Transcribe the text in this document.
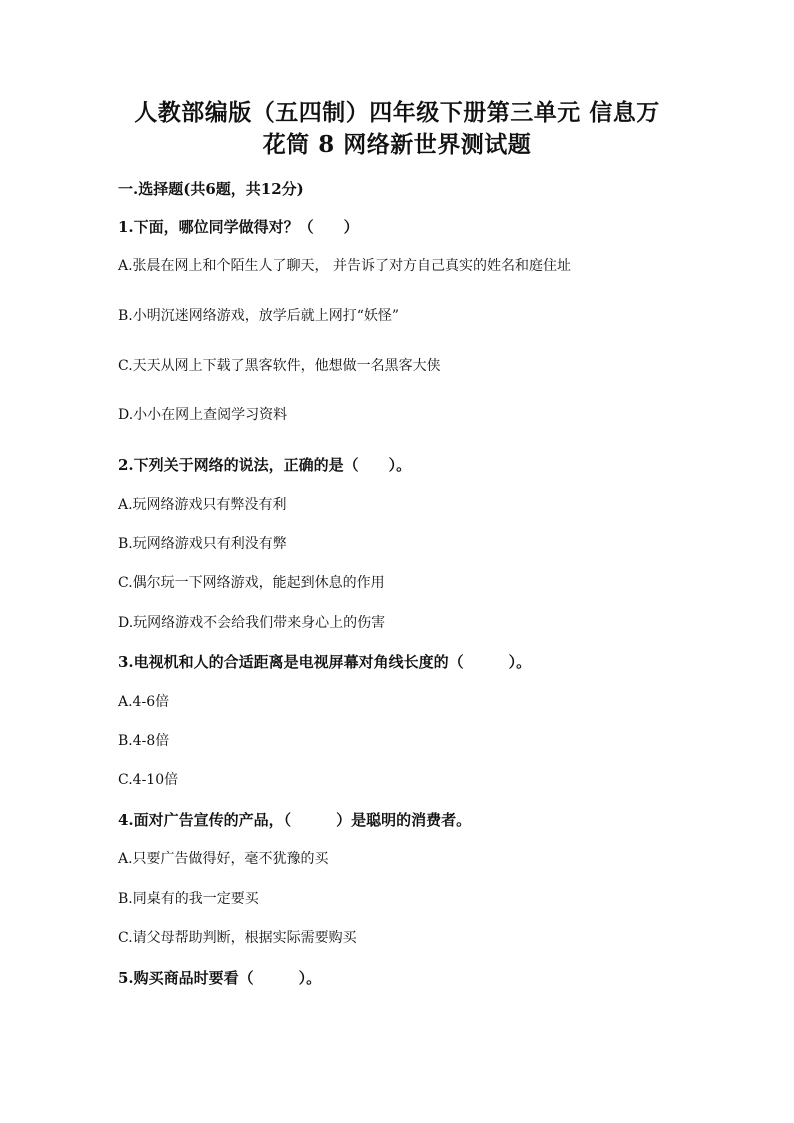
人教部编版（五四制）四年级下册第三单元 信息万
花筒 8 网络新世界测试题

一.选择题(共6题，共12分)

1.下面，哪位同学做得对？（　　）

A.张晨在网上和个陌生人了聊天， 并告诉了对方自己真实的姓名和庭住址

B.小明沉迷网络游戏，放学后就上网打“妖怪”

C.天天从网上下载了黑客软件，他想做一名黑客大侠

D.小小在网上查阅学习资料

2.下列关于网络的说法，正确的是（　　）。

A.玩网络游戏只有弊没有利

B.玩网络游戏只有利没有弊

C.偶尔玩一下网络游戏，能起到休息的作用

D.玩网络游戏不会给我们带来身心上的伤害

3.电视机和人的合适距离是电视屏幕对角线长度的（　　　）。

A.4-6倍

B.4-8倍

C.4-10倍

4.面对广告宣传的产品，（　　　）是聪明的消费者。

A.只要广告做得好，毫不犹豫的买

B.同桌有的我一定要买

C.请父母帮助判断，根据实际需要购买

5.购买商品时要看（　　　）。
